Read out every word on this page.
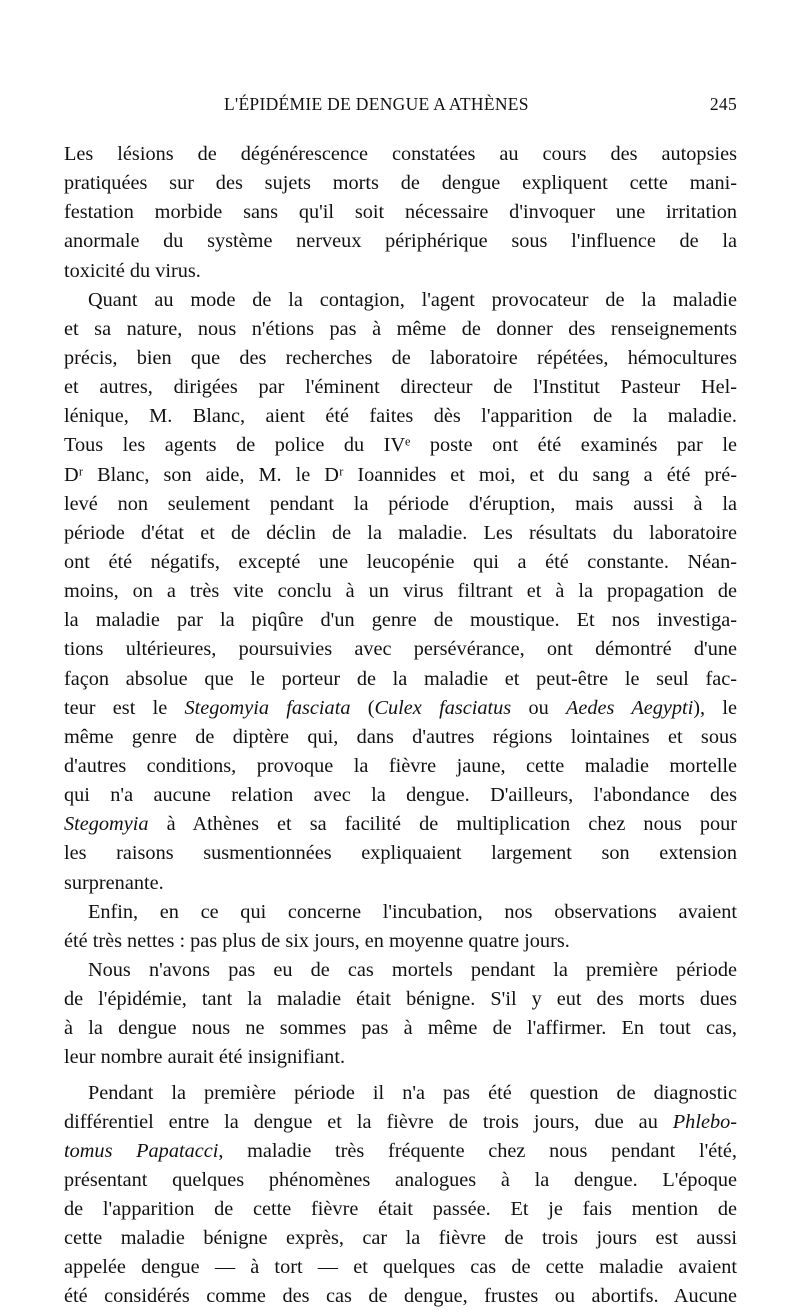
L'ÉPIDÉMIE DE DENGUE A ATHÈNES	245
Les lésions de dégénérescence constatées au cours des autopsies
pratiquées sur des sujets morts de dengue expliquent cette mani-
festation morbide sans qu'il soit nécessaire d'invoquer une irritation
anormale du système nerveux périphérique sous l'influence de la
toxicité du virus.
Quant au mode de la contagion, l'agent provocateur de la maladie
et sa nature, nous n'étions pas à même de donner des renseignements
précis, bien que des recherches de laboratoire répétées, hémocultures
et autres, dirigées par l'éminent directeur de l'Institut Pasteur Hel-
lénique, M. Blanc, aient été faites dès l'apparition de la maladie.
Tous les agents de police du IVᵉ poste ont été examinés par le
Dʳ Blanc, son aide, M. le Dʳ Ioannides et moi, et du sang a été pré-
levé non seulement pendant la période d'éruption, mais aussi à la
période d'état et de déclin de la maladie. Les résultats du laboratoire
ont été négatifs, excepté une leucopénie qui a été constante. Néan-
moins, on a très vite conclu à un virus filtrant et à la propagation de
la maladie par la piqûre d'un genre de moustique. Et nos investiga-
tions ultérieures, poursuivies avec persévérance, ont démontré d'une
façon absolue que le porteur de la maladie et peut-être le seul fac-
teur est le Stegomyia fasciata (Culex fasciatus ou Aedes Aegypti), le
même genre de diptère qui, dans d'autres régions lointaines et sous
d'autres conditions, provoque la fièvre jaune, cette maladie mortelle
qui n'a aucune relation avec la dengue. D'ailleurs, l'abondance des
Stegomyia à Athènes et sa facilité de multiplication chez nous pour
les raisons susmentionnées expliquaient largement son extension
surprenante.
Enfin, en ce qui concerne l'incubation, nos observations avaient
été très nettes : pas plus de six jours, en moyenne quatre jours.
Nous n'avons pas eu de cas mortels pendant la première période
de l'épidémie, tant la maladie était bénigne. S'il y eut des morts dues
à la dengue nous ne sommes pas à même de l'affirmer. En tout cas,
leur nombre aurait été insignifiant.
Pendant la première période il n'a pas été question de diagnostic
différentiel entre la dengue et la fièvre de trois jours, due au Phlebo-
tomus Papatacci, maladie très fréquente chez nous pendant l'été,
présentant quelques phénomènes analogues à la dengue. L'époque
de l'apparition de cette fièvre était passée. Et je fais mention de
cette maladie bénigne exprès, car la fièvre de trois jours est aussi
appelée dengue — à tort — et quelques cas de cette maladie avaient
été considérés comme des cas de dengue, frustes ou abortifs. Aucune
